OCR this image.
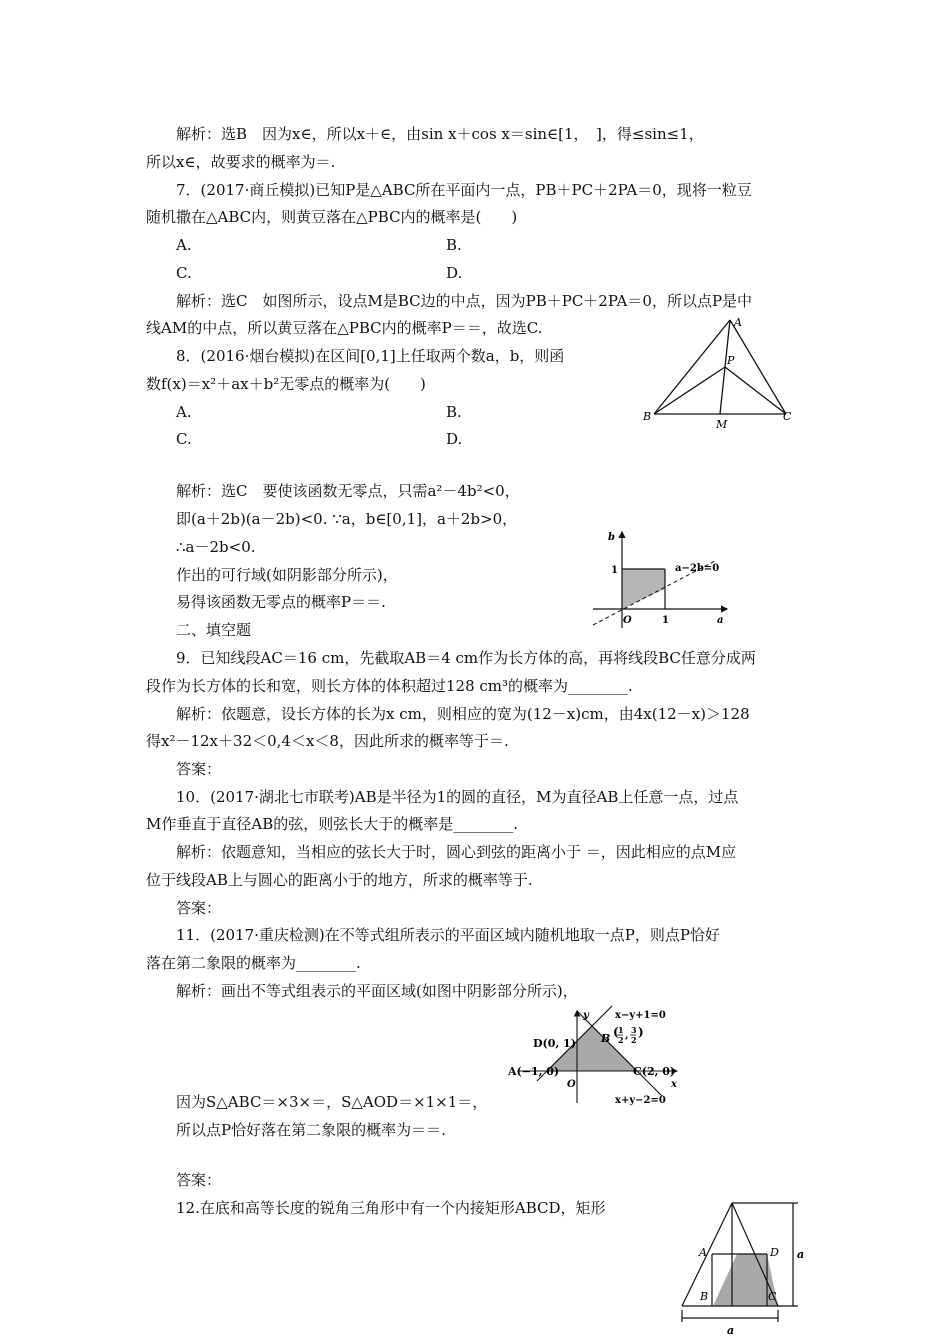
解析：选B　因为x∈，所以x＋∈，由sin x＋cos x＝sin∈[1，　]，得≤sin≤1，
所以x∈，故要求的概率为＝.
7．(2017·商丘模拟)已知P是△ABC所在平面内一点，PB＋PC＋2PA＝0，现将一粒豆
随机撒在△ABC内，则黄豆落在△PBC内的概率是(　　)
A.	B.
C.	D.
解析：选C　如图所示，设点M是BC边的中点，因为PB＋PC＋2PA＝0，所以点P是中
线AM的中点，所以黄豆落在△PBC内的概率P＝＝，故选C.
8．(2016·烟台模拟)在区间[0,1]上任取两个数a，b，则函
数f(x)＝x²＋ax＋b²无零点的概率为(　　)
A.	B.
C.	D.
解析：选C　要使该函数无零点，只需a²－4b²<0，
即(a＋2b)(a－2b)<0. ∵a，b∈[0,1]，a＋2b>0，
∴a－2b<0.
作出的可行域(如阴影部分所示)，
易得该函数无零点的概率P＝＝.
二、填空题
9．已知线段AC＝16 cm，先截取AB＝4 cm作为长方体的高，再将线段BC任意分成两
段作为长方体的长和宽，则长方体的体积超过128 cm³的概率为________.
解析：依题意，设长方体的长为x cm，则相应的宽为(12－x)cm，由4x(12－x)＞128
得x²－12x＋32＜0,4＜x＜8，因此所求的概率等于＝.
答案：
10．(2017·湖北七市联考)AB是半径为1的圆的直径，M为直径AB上任意一点，过点
M作垂直于直径AB的弦，则弦长大于的概率是________.
解析：依题意知，当相应的弦长大于时，圆心到弦的距离小于 ＝，因此相应的点M应
位于线段AB上与圆心的距离小于的地方，所求的概率等于.
答案：
11．(2017·重庆检测)在不等式组所表示的平面区域内随机地取一点P，则点P恰好
落在第二象限的概率为________.
解析：画出不等式组表示的平面区域(如图中阴影部分所示)，
因为S△ABC＝×3×＝，S△AOD＝×1×1＝，
所以点P恰好落在第二象限的概率为＝＝.
答案：
12.在底和高等长度的锐角三角形中有一个内接矩形ABCD，矩形
A
P
B	C
M
b
a
1
1
O
a−2b=0
y
x
O
x−y+1=0
D(0, 1)
A(−1, 0)	C(2, 0)
B ( 1
2 , 3
2
)
x+y−2=0
A	D
B	C
a
a
